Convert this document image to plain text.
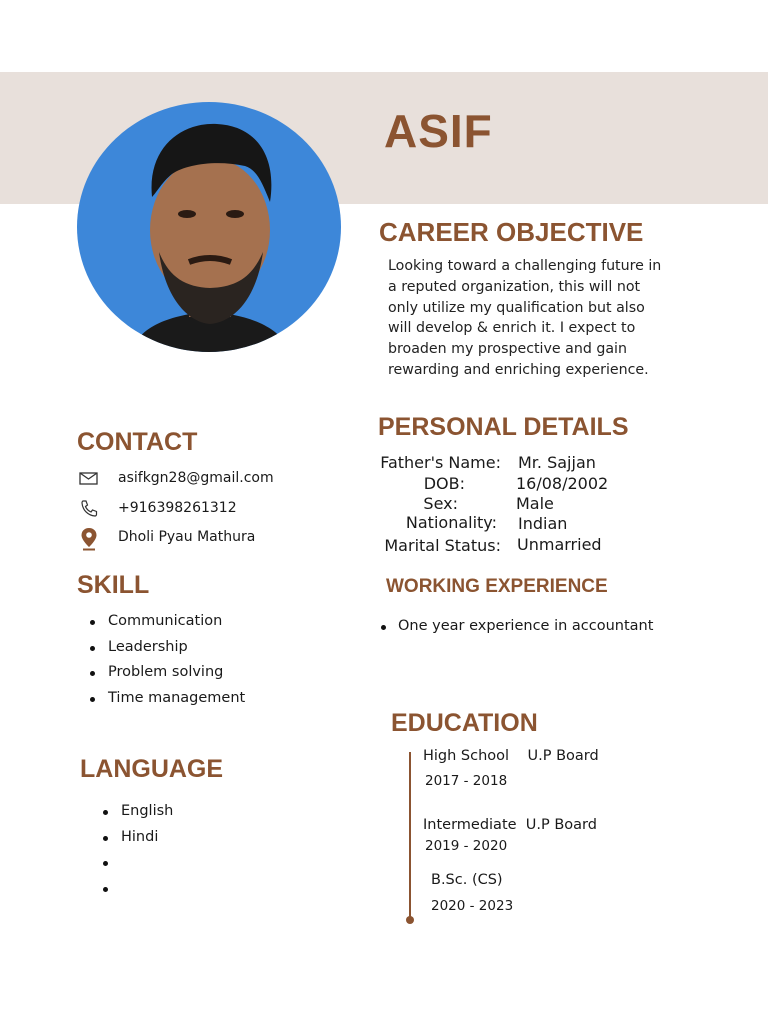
ASIF
CAREER OBJECTIVE
Looking toward a challenging future in
a reputed organization, this will not
only utilize my qualification but also
will develop & enrich it. I expect to
broaden my prospective and gain
rewarding and enriching experience.
PERSONAL DETAILS
Father's Name: Mr. Sajjan
DOB:	16/08/2002
Sex:	Male
Nationality: Indian
Marital Status: Unmarried
CONTACT
asifkgn28@gmail.com
+916398261312
Dholi Pyau Mathura
SKILL
Communication
Leadership
Problem solving
Time management
WORKING EXPERIENCE
One year experience in accountant
EDUCATION
High School    U.P Board
2017 - 2018
Intermediate  U.P Board
2019 - 2020
B.Sc. (CS)
2020 - 2023
LANGUAGE
English
Hindi
